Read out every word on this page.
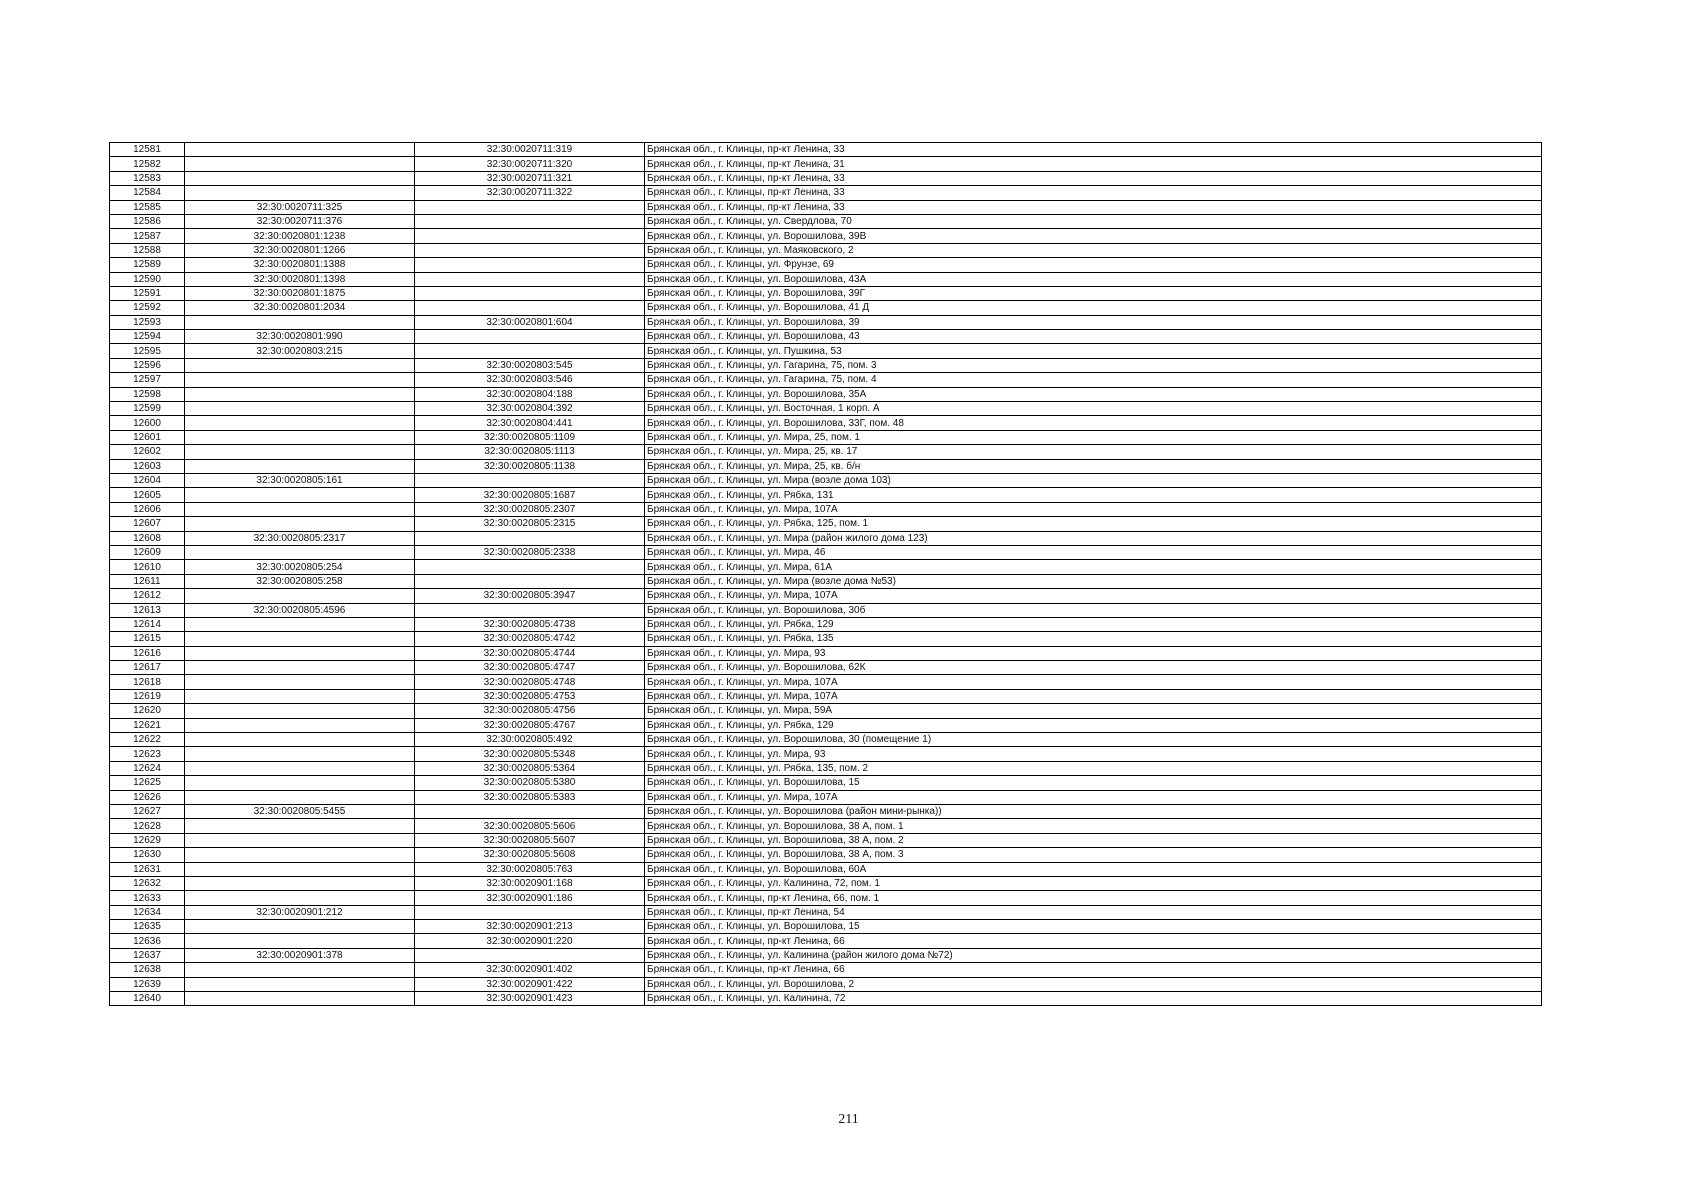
12581		32:30:0020711:319	Брянская обл., г. Клинцы, пр-кт Ленина, 33
12582		32:30:0020711:320	Брянская обл., г. Клинцы, пр-кт Ленина, 31
12583		32:30:0020711:321	Брянская обл., г. Клинцы, пр-кт Ленина, 33
12584		32:30:0020711:322	Брянская обл., г. Клинцы, пр-кт Ленина, 33
12585	32:30:0020711:325		Брянская обл., г. Клинцы, пр-кт Ленина, 33
12586	32:30:0020711:376		Брянская обл., г. Клинцы, ул. Свердлова, 70
12587	32:30:0020801:1238		Брянская обл., г. Клинцы, ул. Ворошилова, 39В
12588	32:30:0020801:1266		Брянская обл., г. Клинцы, ул. Маяковского, 2
12589	32:30:0020801:1388		Брянская обл., г. Клинцы, ул. Фрунзе, 69
12590	32:30:0020801:1398		Брянская обл., г. Клинцы, ул. Ворошилова, 43А
12591	32:30:0020801:1875		Брянская обл., г. Клинцы, ул. Ворошилова, 39Г
12592	32:30:0020801:2034		Брянская обл., г. Клинцы, ул. Ворошилова, 41 Д
12593		32:30:0020801:604	Брянская обл., г. Клинцы, ул. Ворошилова, 39
12594	32:30:0020801:990		Брянская обл., г. Клинцы, ул. Ворошилова, 43
12595	32:30:0020803:215		Брянская обл., г. Клинцы, ул. Пушкина, 53
12596		32:30:0020803:545	Брянская обл., г. Клинцы, ул. Гагарина, 75, пом. 3
12597		32:30:0020803:546	Брянская обл., г. Клинцы, ул. Гагарина, 75, пом. 4
12598		32:30:0020804:188	Брянская обл., г. Клинцы, ул. Ворошилова, 35А
12599		32:30:0020804:392	Брянская обл., г. Клинцы, ул. Восточная, 1 корп. А
12600		32:30:0020804:441	Брянская обл., г. Клинцы, ул. Ворошилова, 33Г, пом. 48
12601		32:30:0020805:1109	Брянская обл., г. Клинцы, ул. Мира, 25, пом. 1
12602		32:30:0020805:1113	Брянская обл., г. Клинцы, ул. Мира, 25, кв. 17
12603		32:30:0020805:1138	Брянская обл., г. Клинцы, ул. Мира, 25, кв. б/н
12604	32:30:0020805:161		Брянская обл., г. Клинцы, ул. Мира (возле дома 103)
12605		32:30:0020805:1687	Брянская обл., г. Клинцы, ул. Рябка, 131
12606		32:30:0020805:2307	Брянская обл., г. Клинцы, ул. Мира, 107А
12607		32:30:0020805:2315	Брянская обл., г. Клинцы, ул. Рябка, 125, пом. 1
12608	32:30:0020805:2317		Брянская обл., г. Клинцы, ул. Мира (район жилого дома 123)
12609		32:30:0020805:2338	Брянская обл., г. Клинцы, ул. Мира, 46
12610	32:30:0020805:254		Брянская обл., г. Клинцы, ул. Мира, 61А
12611	32:30:0020805:258		Брянская обл., г. Клинцы, ул. Мира (возле дома №53)
12612		32:30:0020805:3947	Брянская обл., г. Клинцы, ул. Мира, 107А
12613	32:30:0020805:4596		Брянская обл., г. Клинцы, ул. Ворошилова, 30б
12614		32:30:0020805:4738	Брянская обл., г. Клинцы, ул. Рябка, 129
12615		32:30:0020805:4742	Брянская обл., г. Клинцы, ул. Рябка, 135
12616		32:30:0020805:4744	Брянская обл., г. Клинцы, ул. Мира, 93
12617		32:30:0020805:4747	Брянская обл., г. Клинцы, ул. Ворошилова, 62К
12618		32:30:0020805:4748	Брянская обл., г. Клинцы, ул. Мира, 107А
12619		32:30:0020805:4753	Брянская обл., г. Клинцы, ул. Мира, 107А
12620		32:30:0020805:4756	Брянская обл., г. Клинцы, ул. Мира, 59А
12621		32:30:0020805:4767	Брянская обл., г. Клинцы, ул. Рябка, 129
12622		32:30:0020805:492	Брянская обл., г. Клинцы, ул. Ворошилова, 30 (помещение 1)
12623		32:30:0020805:5348	Брянская обл., г. Клинцы, ул. Мира, 93
12624		32:30:0020805:5364	Брянская обл., г. Клинцы, ул. Рябка, 135, пом. 2
12625		32:30:0020805:5380	Брянская обл., г. Клинцы, ул. Ворошилова, 15
12626		32:30:0020805:5383	Брянская обл., г. Клинцы, ул. Мира, 107А
12627	32:30:0020805:5455		Брянская обл., г. Клинцы, ул. Ворошилова (район мини-рынка))
12628		32:30:0020805:5606	Брянская обл., г. Клинцы, ул. Ворошилова, 38 А, пом. 1
12629		32:30:0020805:5607	Брянская обл., г. Клинцы, ул. Ворошилова, 38 А, пом. 2
12630		32:30:0020805:5608	Брянская обл., г. Клинцы, ул. Ворошилова, 38 А, пом. 3
12631		32:30:0020805:763	Брянская обл., г. Клинцы, ул. Ворошилова, 60А
12632		32:30:0020901:168	Брянская обл., г. Клинцы, ул. Калинина, 72, пом. 1
12633		32:30:0020901:186	Брянская обл., г. Клинцы, пр-кт Ленина, 66, пом. 1
12634	32:30:0020901:212		Брянская обл., г. Клинцы, пр-кт Ленина, 54
12635		32:30:0020901:213	Брянская обл., г. Клинцы, ул. Ворошилова, 15
12636		32:30:0020901:220	Брянская обл., г. Клинцы, пр-кт Ленина, 66
12637	32:30:0020901:378		Брянская обл., г. Клинцы, ул. Калинина (район жилого дома №72)
12638		32:30:0020901:402	Брянская обл., г. Клинцы, пр-кт Ленина, 66
12639		32:30:0020901:422	Брянская обл., г. Клинцы, ул. Ворошилова, 2
12640		32:30:0020901:423	Брянская обл., г. Клинцы, ул. Калинина, 72
211
